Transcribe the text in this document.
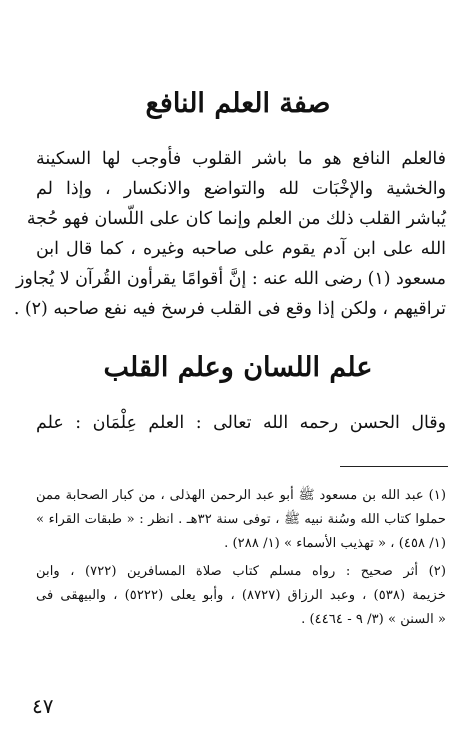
صفة العلم النافع
فالعلم النافع هو ما باشر القلوب فأوجب لها السكينة
والخشية والإخْبَات لله والتواضع والانكسار ، وإذا لم
يُباشر القلب ذلك من العلم وإنما كان على اللّسان فهو حُجة
الله على ابن آدم يقوم على صاحبه وغيره ، كما قال ابن
مسعود (١) رضى الله عنه : إنَّ أقوامًا يقرأون القُرآن لا يُجاوز
تراقيهم ، ولكن إذا وقع فى القلب فرسخ فيه نفع صاحبه (٢) .
علم اللسان وعلم القلب
وقال الحسن رحمه الله تعالى : العلم عِلْمَان : علم
(١) عبد الله بن مسعود ﷺ أبو عبد الرحمن الهذلى ، من كبار الصحابة ممن
حملوا كتاب الله وسُنة نبيه ﷺ ، توفى سنة ٣٢هـ . انظر : « طبقات القراء »
(١/ ٤٥٨) ، « تهذيب الأسماء » (١/ ٢٨٨) .
(٢) أثر صحيح : رواه مسلم كتاب صلاة المسافرين (٧٢٢) ، وابن
خزيمة (٥٣٨) ، وعبد الرزاق (٨٧٢٧) ، وأبو يعلى (٥٢٢٢) ، والبيهقى فى
« السنن » (٣/ ٩ - ٤٤٦٤) .
٤٧
